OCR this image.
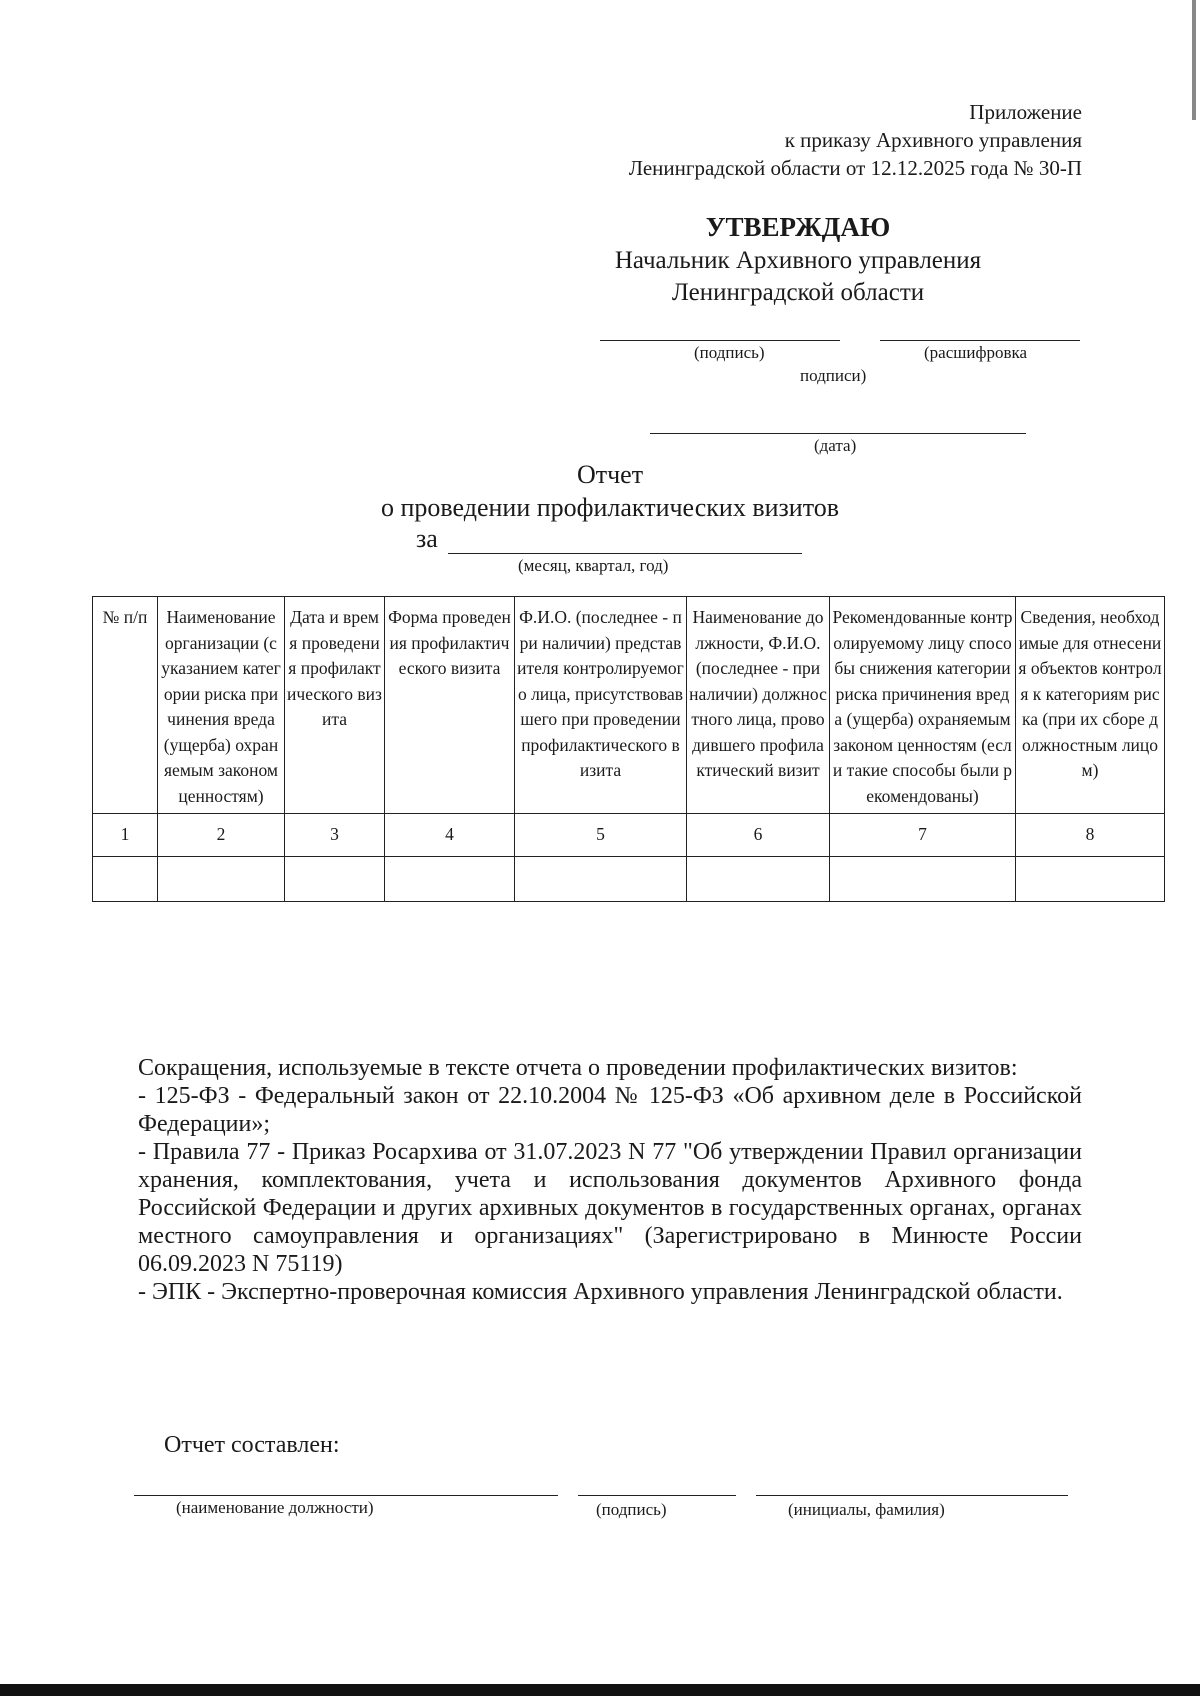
Приложение
к приказу Архивного управления
Ленинградской области от 12.12.2025 года № 30-П
УТВЕРЖДАЮ
Начальник Архивного управления
Ленинградской области
(подпись)	(расшифровка
подписи)
(дата)
Отчет
о проведении профилактических визитов
за
(месяц, квартал, год)
№ п/п	Наименование организации (с указанием категории риска причинения вреда (ущерба) охраняемым законом ценностям)	Дата и время проведения профилактического визита	Форма проведения профилактического визита	Ф.И.О. (последнее - при наличии) представителя контролируемого лица, присутствовавшего при проведении профилактического визита	Наименование должности, Ф.И.О. (последнее - при наличии) должностного лица, проводившего профилактический визит	Рекомендованные контролируемому лицу способы снижения категории риска причинения вреда (ущерба) охраняемым законом ценностям (если такие способы были рекомендованы)	Сведения, необходимые для отнесения объектов контроля к категориям риска (при их сборе должностным лицом)
1	2	3	4	5	6	7	8

Сокращения, используемые в тексте отчета о проведении профилактических визитов:

- 125-ФЗ - Федеральный закон от 22.10.2004 № 125-ФЗ «Об архивном деле в Российской Федерации»;

- Правила 77 - Приказ Росархива от 31.07.2023 N 77 "Об утверждении Правил организации хранения, комплектования, учета и использования документов Архивного фонда Российской Федерации и других архивных документов в государственных органах, органах местного самоуправления и организациях" (Зарегистрировано в Минюсте России 06.09.2023 N 75119)

- ЭПК - Экспертно-проверочная комиссия Архивного управления Ленинградской области.

Отчет составлен:
(наименование должности)	(подпись)	(инициалы, фамилия)
